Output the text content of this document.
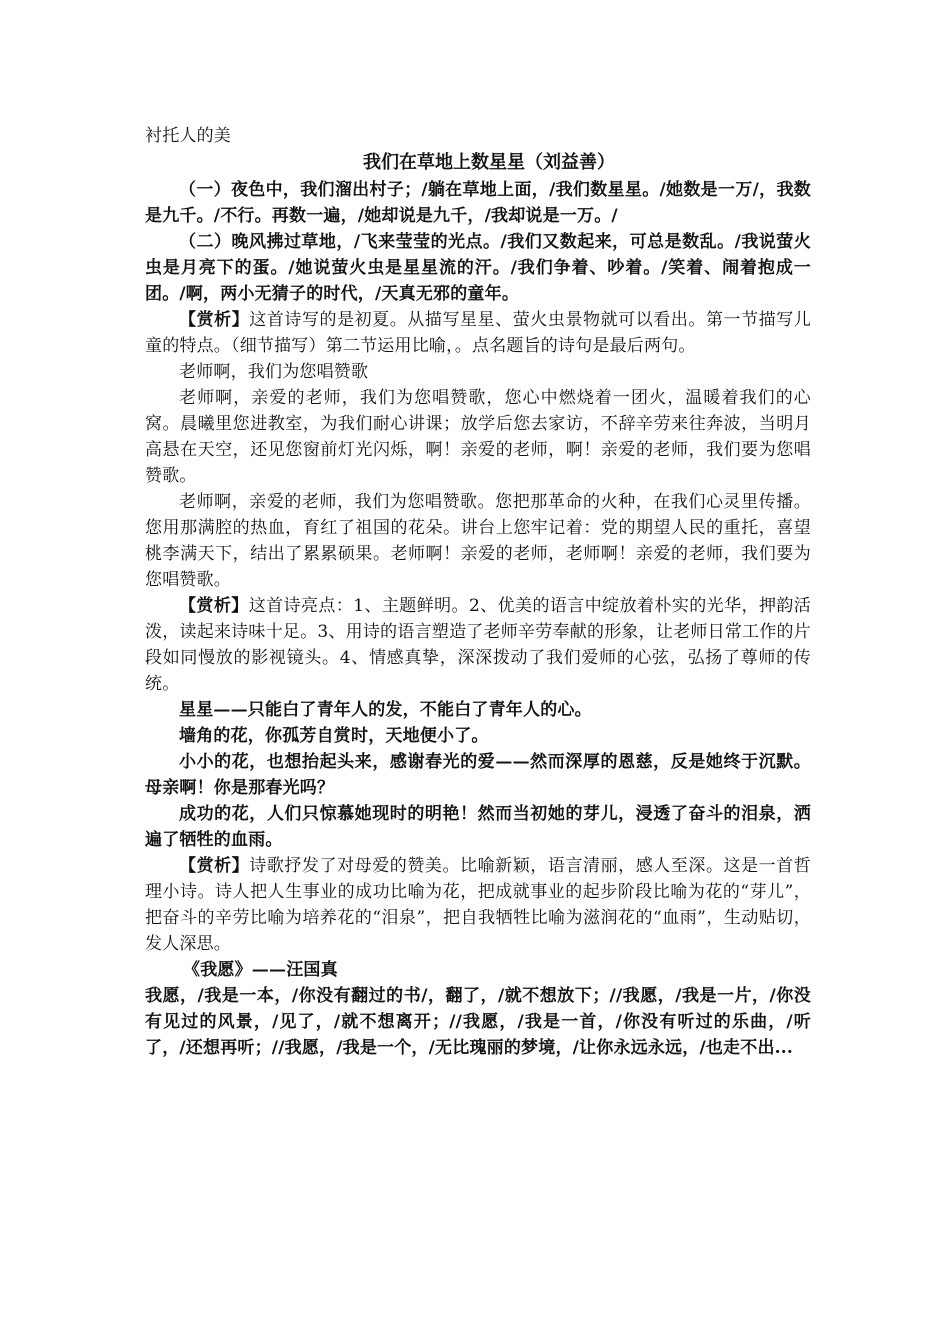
衬托人的美
我们在草地上数星星（刘益善）
（一）夜色中，我们溜出村子；/躺在草地上面，/我们数星星。/她数是一万/，我数是九千。/不行。再数一遍，/她却说是九千，/我却说是一万。/
（二）晚风拂过草地，/飞来莹莹的光点。/我们又数起来，可总是数乱。/我说萤火虫是月亮下的蛋。/她说萤火虫是星星流的汗。/我们争着、吵着。/笑着、闹着抱成一团。/啊，两小无猜子的时代，/天真无邪的童年。
【赏析】这首诗写的是初夏。从描写星星、萤火虫景物就可以看出。第一节描写儿童的特点。（细节描写）第二节运用比喻，。点名题旨的诗句是最后两句。
老师啊，我们为您唱赞歌
老师啊，亲爱的老师，我们为您唱赞歌，您心中燃烧着一团火，温暖着我们的心窝。晨曦里您进教室，为我们耐心讲课；放学后您去家访，不辞辛劳来往奔波，当明月高悬在天空，还见您窗前灯光闪烁，啊！亲爱的老师，啊！亲爱的老师，我们要为您唱赞歌。
老师啊，亲爱的老师，我们为您唱赞歌。您把那革命的火种，在我们心灵里传播。您用那满腔的热血，育红了祖国的花朵。讲台上您牢记着：党的期望人民的重托，喜望桃李满天下，结出了累累硕果。老师啊！亲爱的老师，老师啊！亲爱的老师，我们要为您唱赞歌。
【赏析】这首诗亮点：1、主题鲜明。2、优美的语言中绽放着朴实的光华，押韵活泼，读起来诗味十足。3、用诗的语言塑造了老师辛劳奉献的形象，让老师日常工作的片段如同慢放的影视镜头。4、情感真挚，深深拨动了我们爱师的心弦，弘扬了尊师的传统。
星星——只能白了青年人的发，不能白了青年人的心。
墙角的花，你孤芳自赏时，天地便小了。
小小的花，也想抬起头来，感谢春光的爱——然而深厚的恩慈，反是她终于沉默。母亲啊！你是那春光吗？
成功的花，人们只惊慕她现时的明艳！然而当初她的芽儿，浸透了奋斗的泪泉，洒遍了牺牲的血雨。
【赏析】诗歌抒发了对母爱的赞美。比喻新颖，语言清丽，感人至深。这是一首哲理小诗。诗人把人生事业的成功比喻为花，把成就事业的起步阶段比喻为花的“芽儿”，把奋斗的辛劳比喻为培养花的“泪泉”，把自我牺牲比喻为滋润花的“血雨”，生动贴切，发人深思。
《我愿》——汪国真
我愿，/我是一本，/你没有翻过的书/，翻了，/就不想放下；//我愿，/我是一片，/你没有见过的风景，/见了，/就不想离开；//我愿，/我是一首，/你没有听过的乐曲，/听了，/还想再听；//我愿，/我是一个，/无比瑰丽的梦境，/让你永远永远，/也走不出...
